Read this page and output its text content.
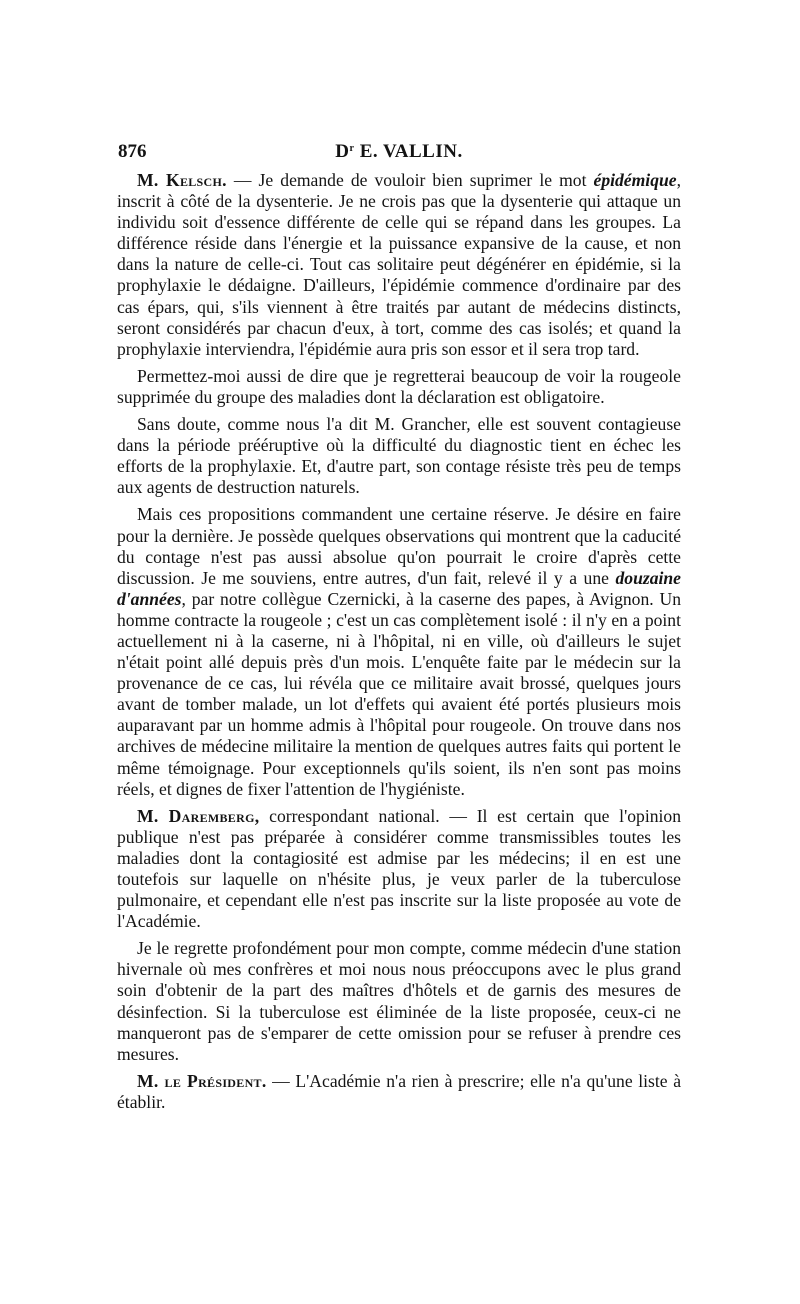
876	$D^r$ E. VALLIN.

M. Kelsch. — Je demande de vouloir bien suprimer le mot épidémique, inscrit à côté de la dysenterie. Je ne crois pas que la dysenterie qui attaque un individu soit d'essence différente de celle qui se répand dans les groupes. La différence réside dans l'énergie et la puissance expansive de la cause, et non dans la nature de celle-ci. Tout cas solitaire peut dégénérer en épidémie, si la prophylaxie le dédaigne. D'ailleurs, l'épidémie commence d'ordinaire par des cas épars, qui, s'ils viennent à être traités par autant de médecins distincts, seront considérés par chacun d'eux, à tort, comme des cas isolés; et quand la prophylaxie interviendra, l'épidémie aura pris son essor et il sera trop tard.

Permettez-moi aussi de dire que je regretterai beaucoup de voir la rougeole supprimée du groupe des maladies dont la déclaration est obligatoire.

Sans doute, comme nous l'a dit M. Grancher, elle est souvent contagieuse dans la période prééruptive où la difficulté du diagnostic tient en échec les efforts de la prophylaxie. Et, d'autre part, son contage résiste très peu de temps aux agents de destruction naturels.

Mais ces propositions commandent une certaine réserve. Je désire en faire pour la dernière. Je possède quelques observations qui montrent que la caducité du contage n'est pas aussi absolue qu'on pourrait le croire d'après cette discussion. Je me souviens, entre autres, d'un fait, relevé il y a une douzaine d'années, par notre collègue Czernicki, à la caserne des papes, à Avignon. Un homme contracte la rougeole ; c'est un cas complètement isolé : il n'y en a point actuellement ni à la caserne, ni à l'hôpital, ni en ville, où d'ailleurs le sujet n'était point allé depuis près d'un mois. L'enquête faite par le médecin sur la provenance de ce cas, lui révéla que ce militaire avait brossé, quelques jours avant de tomber malade, un lot d'effets qui avaient été portés plusieurs mois auparavant par un homme admis à l'hôpital pour rougeole. On trouve dans nos archives de médecine militaire la mention de quelques autres faits qui portent le même témoignage. Pour exceptionnels qu'ils soient, ils n'en sont pas moins réels, et dignes de fixer l'attention de l'hygiéniste.

M. Daremberg, correspondant national. — Il est certain que l'opinion publique n'est pas préparée à considérer comme transmissibles toutes les maladies dont la contagiosité est admise par les médecins; il en est une toutefois sur laquelle on n'hésite plus, je veux parler de la tuberculose pulmonaire, et cependant elle n'est pas inscrite sur la liste proposée au vote de l'Académie.

Je le regrette profondément pour mon compte, comme médecin d'une station hivernale où mes confrères et moi nous nous préoccupons avec le plus grand soin d'obtenir de la part des maîtres d'hôtels et de garnis des mesures de désinfection. Si la tuberculose est éliminée de la liste proposée, ceux-ci ne manqueront pas de s'emparer de cette omission pour se refuser à prendre ces mesures.

M. le Président. — L'Académie n'a rien à prescrire; elle n'a qu'une liste à établir.
